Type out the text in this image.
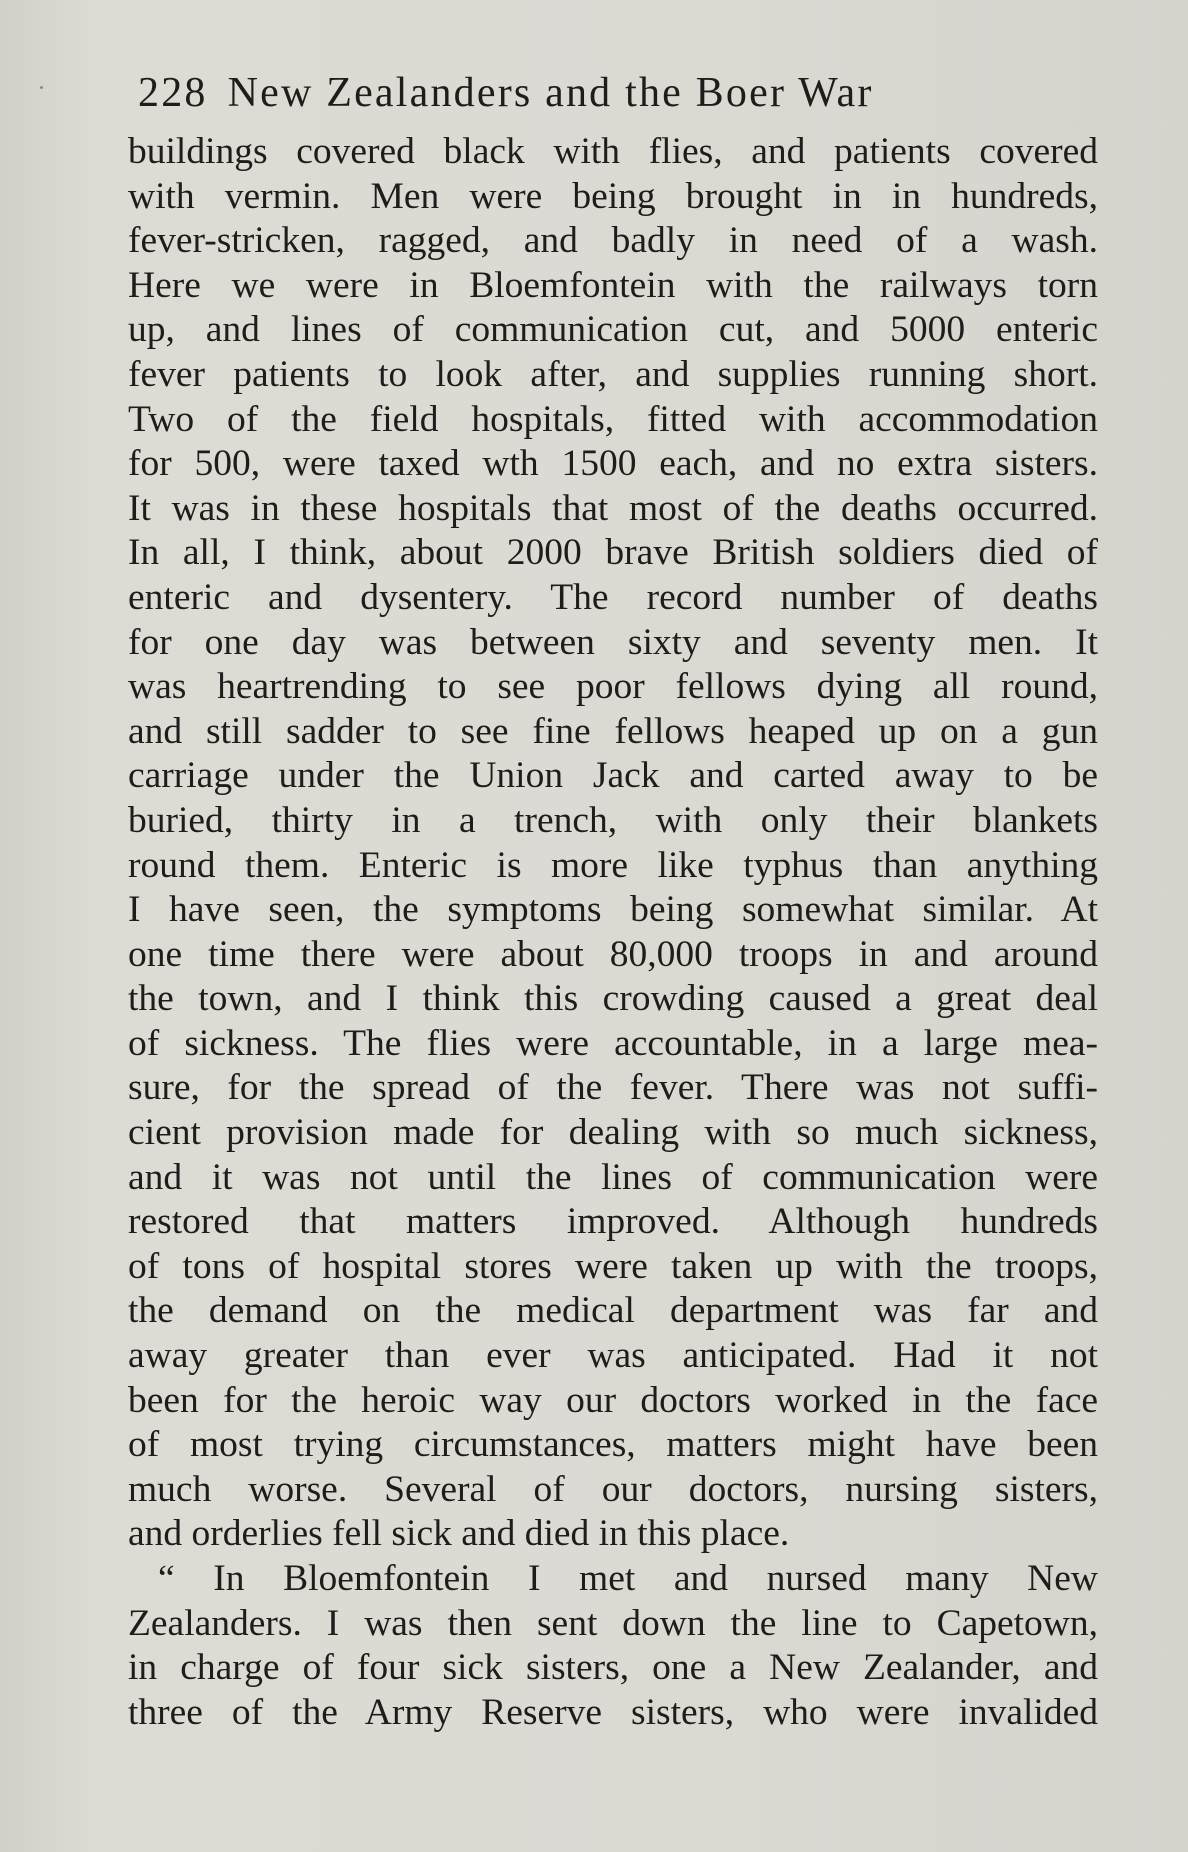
228 New Zealanders and the Boer War
buildings covered black with flies, and patients covered
with vermin. Men were being brought in in hundreds,
fever-stricken, ragged, and badly in need of a wash.
Here we were in Bloemfontein with the railways torn
up, and lines of communication cut, and 5000 enteric
fever patients to look after, and supplies running short.
Two of the field hospitals, fitted with accommodation
for 500, were taxed wth 1500 each, and no extra sisters.
It was in these hospitals that most of the deaths occurred.
In all, I think, about 2000 brave British soldiers died of
enteric and dysentery. The record number of deaths
for one day was between sixty and seventy men. It
was heartrending to see poor fellows dying all round,
and still sadder to see fine fellows heaped up on a gun
carriage under the Union Jack and carted away to be
buried, thirty in a trench, with only their blankets
round them. Enteric is more like typhus than anything
I have seen, the symptoms being somewhat similar. At
one time there were about 80,000 troops in and around
the town, and I think this crowding caused a great deal
of sickness. The flies were accountable, in a large mea-
sure, for the spread of the fever. There was not suffi-
cient provision made for dealing with so much sickness,
and it was not until the lines of communication were
restored that matters improved. Although hundreds
of tons of hospital stores were taken up with the troops,
the demand on the medical department was far and
away greater than ever was anticipated. Had it not
been for the heroic way our doctors worked in the face
of most trying circumstances, matters might have been
much worse. Several of our doctors, nursing sisters,
and orderlies fell sick and died in this place.
“ In Bloemfontein I met and nursed many New
Zealanders. I was then sent down the line to Capetown,
in charge of four sick sisters, one a New Zealander, and
three of the Army Reserve sisters, who were invalided
